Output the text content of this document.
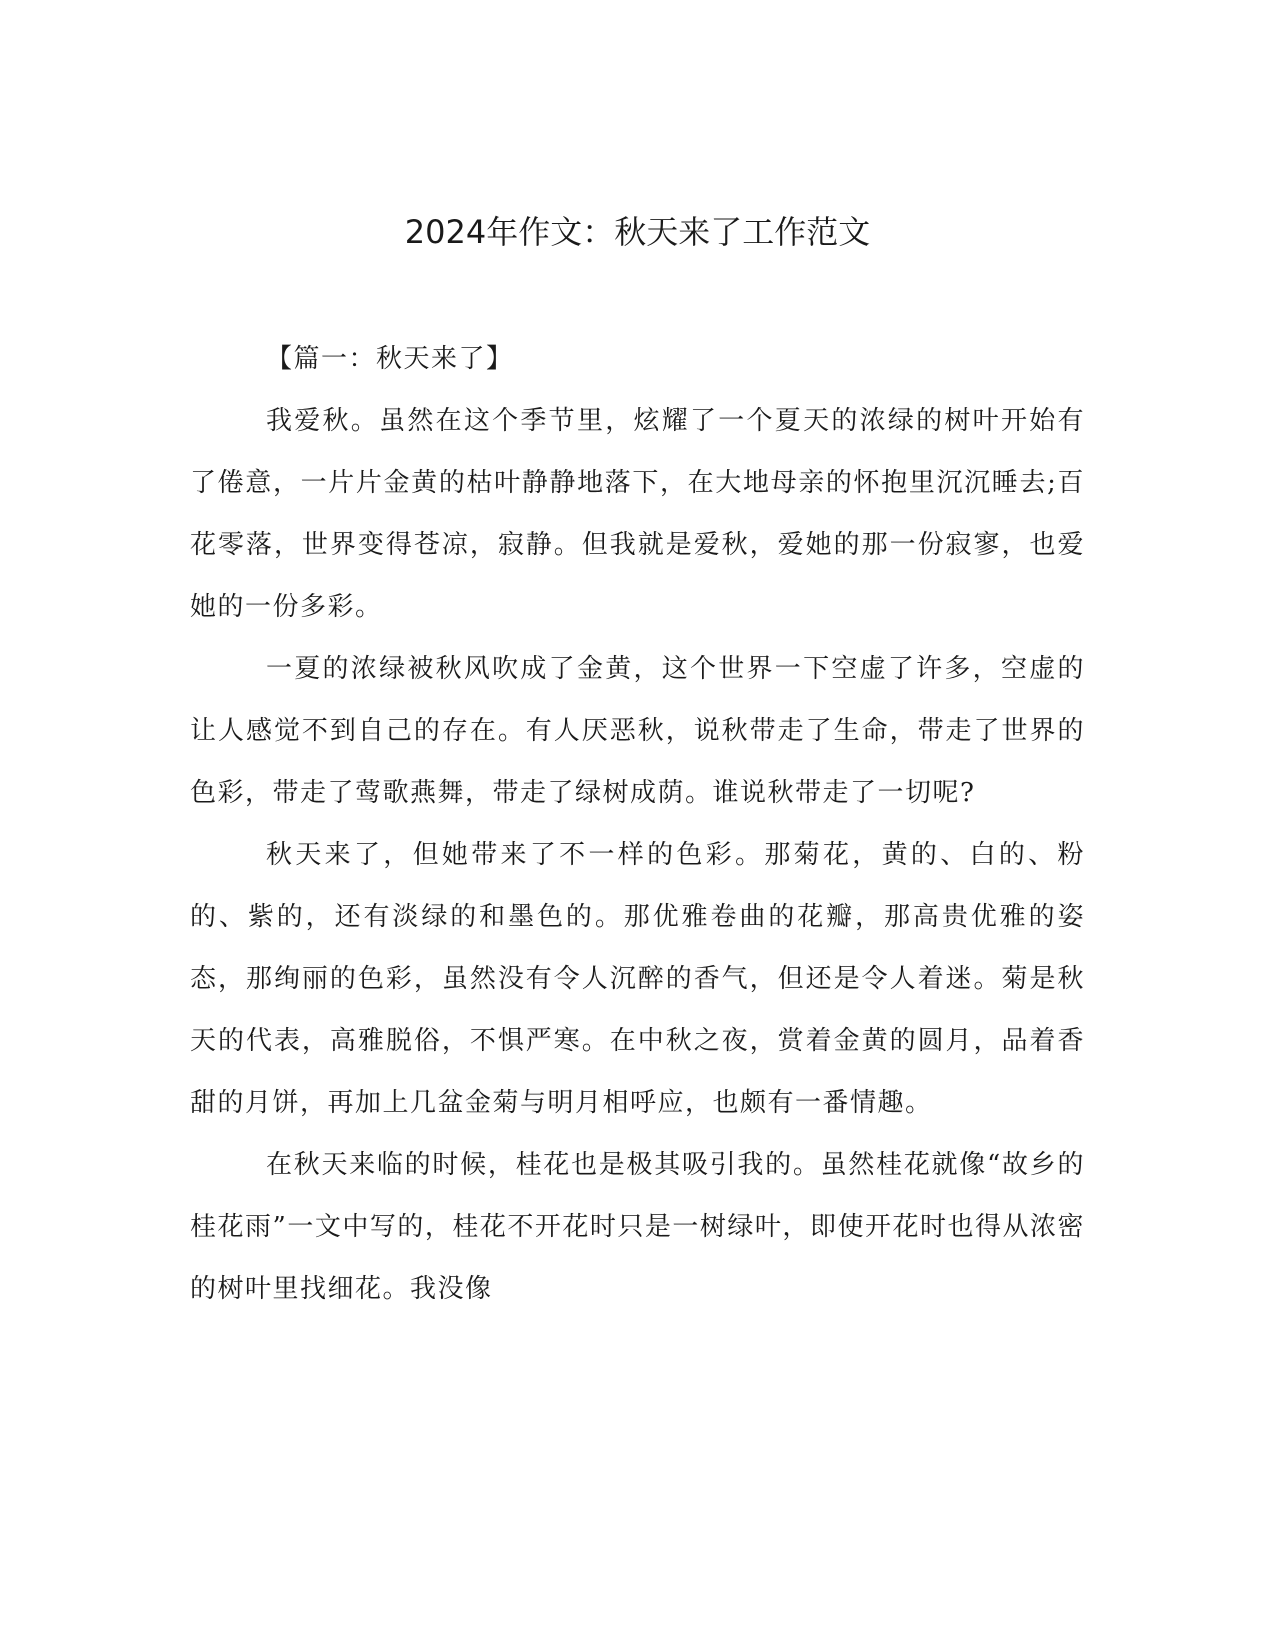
2024年作文：秋天来了工作范文

【篇一：秋天来了】

我爱秋。虽然在这个季节里，炫耀了一个夏天的浓绿的树叶开始有了倦意，一片片金黄的枯叶静静地落下，在大地母亲的怀抱里沉沉睡去;百花零落，世界变得苍凉，寂静。但我就是爱秋，爱她的那一份寂寥，也爱她的一份多彩。

一夏的浓绿被秋风吹成了金黄，这个世界一下空虚了许多，空虚的让人感觉不到自己的存在。有人厌恶秋，说秋带走了生命，带走了世界的色彩，带走了莺歌燕舞，带走了绿树成荫。谁说秋带走了一切呢?

秋天来了，但她带来了不一样的色彩。那菊花，黄的、白的、粉的、紫的，还有淡绿的和墨色的。那优雅卷曲的花瓣，那高贵优雅的姿态，那绚丽的色彩，虽然没有令人沉醉的香气，但还是令人着迷。菊是秋天的代表，高雅脱俗，不惧严寒。在中秋之夜，赏着金黄的圆月，品着香甜的月饼，再加上几盆金菊与明月相呼应，也颇有一番情趣。

在秋天来临的时候，桂花也是极其吸引我的。虽然桂花就像“故乡的桂花雨”一文中写的，桂花不开花时只是一树绿叶，即使开花时也得从浓密的树叶里找细花。我没像
